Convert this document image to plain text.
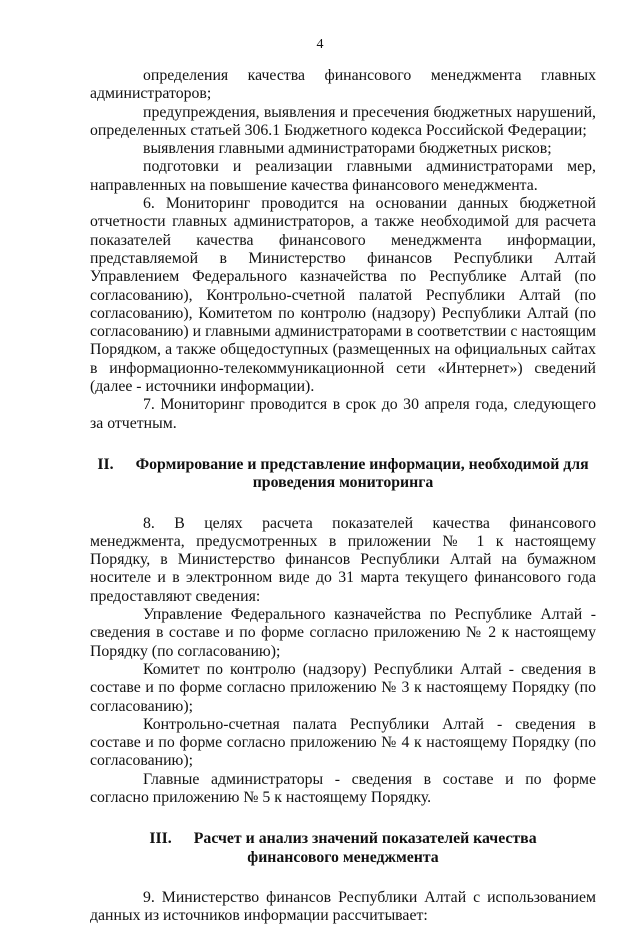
4

определения качества финансового менеджмента главных администраторов;

предупреждения, выявления и пресечения бюджетных нарушений, определенных статьей 306.1 Бюджетного кодекса Российской Федерации;

выявления главными администраторами бюджетных рисков;

подготовки и реализации главными администраторами мер, направленных на повышение качества финансового менеджмента.

6. Мониторинг проводится на основании данных бюджетной отчетности главных администраторов, а также необходимой для расчета показателей качества финансового менеджмента информации, представляемой в Министерство финансов Республики Алтай Управлением Федерального казначейства по Республике Алтай (по согласованию), Контрольно-счетной палатой Республики Алтай (по согласованию), Комитетом по контролю (надзору) Республики Алтай (по согласованию) и главными администраторами в соответствии с настоящим Порядком, а также общедоступных (размещенных на официальных сайтах в информационно-телекоммуникационной сети «Интернет») сведений (далее - источники информации).

7. Мониторинг проводится в срок до 30 апреля года, следующего за отчетным.

II. Формирование и представление информации, необходимой для
проведения мониторинга

8. В целях расчета показателей качества финансового менеджмента, предусмотренных в приложении № 1 к настоящему Порядку, в Министерство финансов Республики Алтай на бумажном носителе и в электронном виде до 31 марта текущего финансового года предоставляют сведения:

Управление Федерального казначейства по Республике Алтай - сведения в составе и по форме согласно приложению № 2 к настоящему Порядку (по согласованию);

Комитет по контролю (надзору) Республики Алтай - сведения в составе и по форме согласно приложению № 3 к настоящему Порядку (по согласованию);

Контрольно-счетная палата Республики Алтай - сведения в составе и по форме согласно приложению № 4 к настоящему Порядку (по согласованию);

Главные администраторы - сведения в составе и по форме согласно приложению № 5 к настоящему Порядку.

III. Расчет и анализ значений показателей качества
финансового менеджмента

9. Министерство финансов Республики Алтай с использованием данных из источников информации рассчитывает:
